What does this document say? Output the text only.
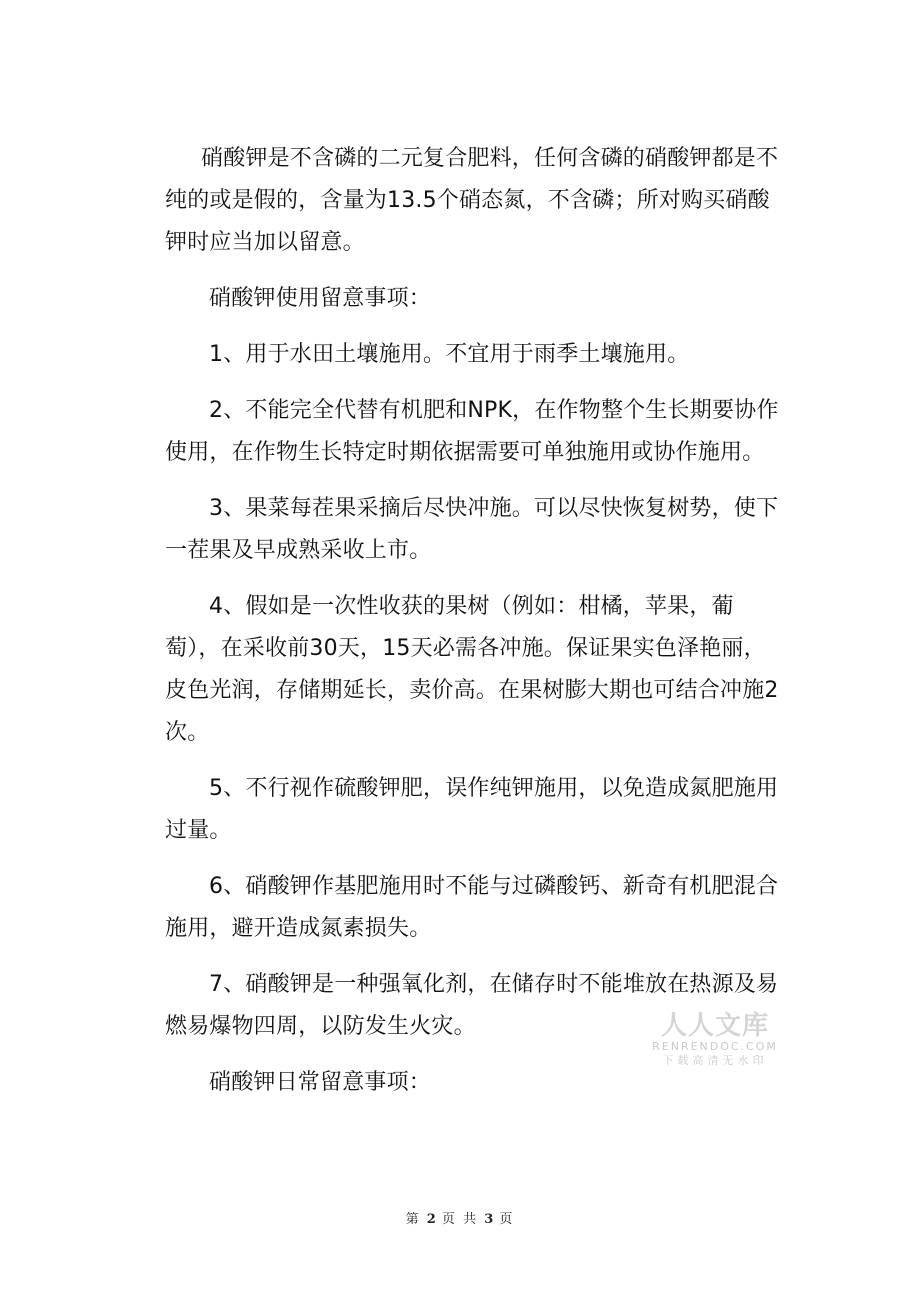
硝酸钾是不含磷的二元复合肥料，任何含磷的硝酸钾都是不纯的或是假的，含量为13.5个硝态氮，不含磷；所对购买硝酸钾时应当加以留意。

硝酸钾使用留意事项：

1、用于水田土壤施用。不宜用于雨季土壤施用。

2、不能完全代替有机肥和NPK，在作物整个生长期要协作使用，在作物生长特定时期依据需要可单独施用或协作施用。

3、果菜每茬果采摘后尽快冲施。可以尽快恢复树势，使下一茬果及早成熟采收上市。

4、假如是一次性收获的果树（例如：柑橘，苹果，葡萄），在采收前30天，15天必需各冲施。保证果实色泽艳丽，皮色光润，存储期延长，卖价高。在果树膨大期也可结合冲施2次。

5、不行视作硫酸钾肥，误作纯钾施用，以免造成氮肥施用过量。

6、硝酸钾作基肥施用时不能与过磷酸钙、新奇有机肥混合施用，避开造成氮素损失。

7、硝酸钾是一种强氧化剂，在储存时不能堆放在热源及易燃易爆物四周，以防发生火灾。

硝酸钾日常留意事项：

人人文库
RENRENDOC.COM
下载高清无水印
第 2 页 共 3 页
